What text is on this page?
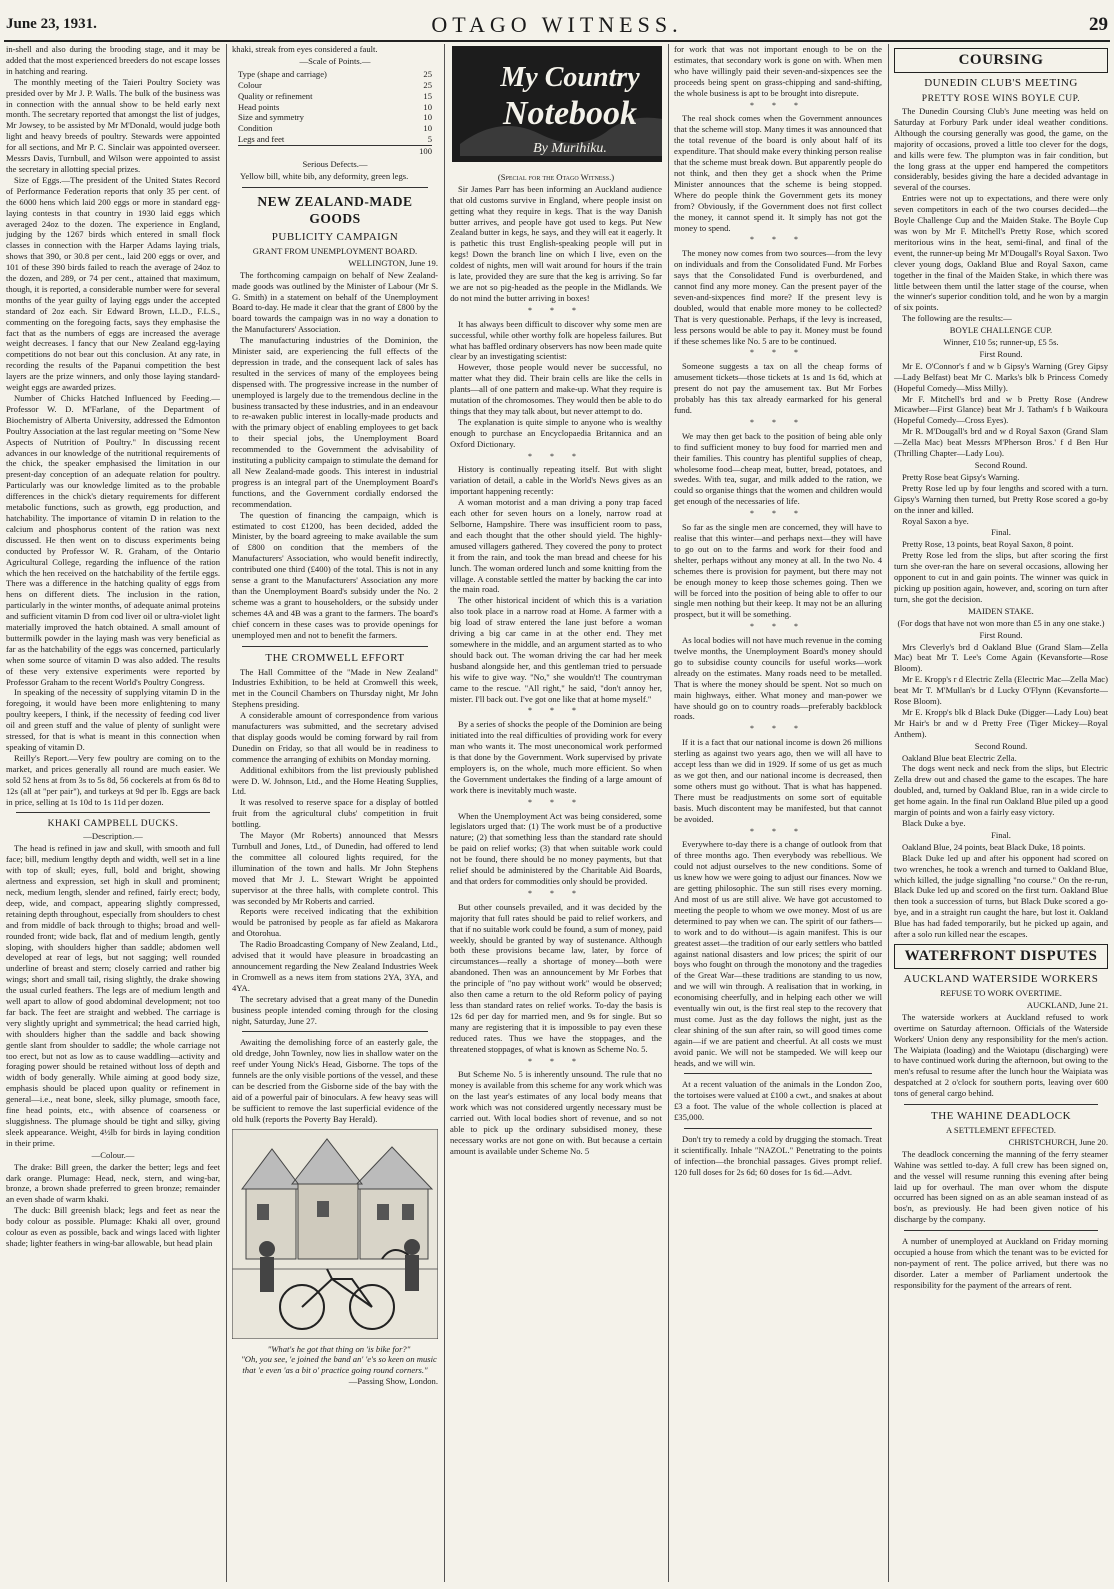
June 23, 1931.	OTAGO WITNESS.	29

in-shell and also during the brooding stage, and it may be added that the most experienced breeders do not escape losses in hatching and rearing.

The monthly meeting of the Taieri Poultry Society was presided over by Mr J. P. Walls. The bulk of the business was in connection with the annual show to be held early next month. The secretary reported that amongst the list of judges, Mr Jowsey, to be assisted by Mr M'Donald, would judge both light and heavy breeds of poultry. Stewards were appointed for all sections, and Mr P. C. Sinclair was appointed overseer. Messrs Davis, Turnbull, and Wilson were appointed to assist the secretary in allotting special prizes.

Size of Eggs.—The president of the United States Record of Performance Federation reports that only 35 per cent. of the 6000 hens which laid 200 eggs or more in standard egg-laying contests in that country in 1930 laid eggs which averaged 24oz to the dozen. The experience in England, judging by the 1267 birds which entered in small flock classes in connection with the Harper Adams laying trials, shows that 390, or 30.8 per cent., laid 200 eggs or over, and 101 of these 390 birds failed to reach the average of 24oz to the dozen, and 289, or 74 per cent., attained that maximum, though, it is reported, a considerable number were for several months of the year guilty of laying eggs under the accepted standard of 2oz each. Sir Edward Brown, LL.D., F.L.S., commenting on the foregoing facts, says they emphasise the fact that as the numbers of eggs are increased the average weight decreases. I fancy that our New Zealand egg-laying competitions do not bear out this conclusion. At any rate, in recording the results of the Papanui competition the best layers are the prize winners, and only those laying standard-weight eggs are awarded prizes.

Number of Chicks Hatched Influenced by Feeding.—Professor W. D. M'Farlane, of the Department of Biochemistry of Alberta University, addressed the Edmonton Poultry Association at the last regular meeting on "Some New Aspects of Nutrition of Poultry." In discussing recent advances in our knowledge of the nutritional requirements of the chick, the speaker emphasised the limitation in our present-day conception of an adequate relation for poultry. Particularly was our knowledge limited as to the probable differences in the chick's dietary requirements for different metabolic functions, such as growth, egg production, and hatchability. The importance of vitamin D in relation to the calcium and phosphorus content of the ration was next discussed. He then went on to discuss experiments being conducted by Professor W. R. Graham, of the Ontario Agricultural College, regarding the influence of the ration which the hen received on the hatchability of the fertile eggs. There was a difference in the hatching quality of eggs from hens on different diets. The inclusion in the ration, particularly in the winter months, of adequate animal proteins and sufficient vitamin D from cod liver oil or ultra-violet light materially improved the hatch obtained. A small amount of buttermilk powder in the laying mash was very beneficial as far as the hatchability of the eggs was concerned, particularly when some source of vitamin D was also added. The results of these very extensive experiments were reported by Professor Graham to the recent World's Poultry Congress.

In speaking of the necessity of supplying vitamin D in the foregoing, it would have been more enlightening to many poultry keepers, I think, if the necessity of feeding cod liver oil and green stuff and the value of plenty of sunlight were stressed, for that is what is meant in this connection when speaking of vitamin D.

Reilly's Report.—Very few poultry are coming on to the market, and prices generally all round are much easier. We sold 52 hens at from 3s to 5s 8d, 56 cockerels at from 6s 8d to 12s (all at "per pair"), and turkeys at 9d per lb. Eggs are back in price, selling at 1s 10d to 1s 11d per dozen.

KHAKI CAMPBELL DUCKS.
—Description.—

The head is refined in jaw and skull, with smooth and full face; bill, medium lengthy depth and width, well set in a line with top of skull; eyes, full, bold and bright, showing alertness and expression, set high in skull and prominent; neck, medium length, slender and refined, fairly erect; body, deep, wide, and compact, appearing slightly compressed, retaining depth throughout, especially from shoulders to chest and from middle of back through to thighs; broad and well-rounded front; wide back, flat and of medium length, gently sloping, with shoulders higher than saddle; abdomen well developed at rear of legs, but not sagging; well rounded underline of breast and stern; closely carried and rather big wings; short and small tail, rising slightly, the drake showing the usual curled feathers. The legs are of medium length and well apart to allow of good abdominal development; not too far back. The feet are straight and webbed. The carriage is very slightly upright and symmetrical; the head carried high, with shoulders higher than the saddle and back showing gentle slant from shoulder to saddle; the whole carriage not too erect, but not as low as to cause waddling—activity and foraging power should be retained without loss of depth and width of body generally. While aiming at good body size, emphasis should be placed upon quality or refinement in general—i.e., neat bone, sleek, silky plumage, smooth face, fine head points, etc., with absence of coarseness or sluggishness. The plumage should be tight and silky, giving sleek appearance. Weight, 4½lb for birds in laying condition in their prime.

—Colour.—

The drake: Bill green, the darker the better; legs and feet dark orange. Plumage: Head, neck, stern, and wing-bar, bronze, a brown shade preferred to green bronze; remainder an even shade of warm khaki.

The duck: Bill greenish black; legs and feet as near the body colour as possible. Plumage: Khaki all over, ground colour as even as possible, back and wings laced with lighter shade; lighter feathers in wing-bar allowable, but head plain

khaki, streak from eyes considered a fault.

—Scale of Points.—
Type (shape and carriage)	25
Colour	25
Quality or refinement	15
Head points	10
Size and symmetry	10
Condition	10
Legs and feet	5
100
Serious Defects.—

Yellow bill, white bib, any deformity, green legs.

NEW ZEALAND-MADE GOODS
PUBLICITY CAMPAIGN
GRANT FROM UNEMPLOYMENT BOARD.
WELLINGTON, June 19.

The forthcoming campaign on behalf of New Zealand-made goods was outlined by the Minister of Labour (Mr S. G. Smith) in a statement on behalf of the Unemployment Board to-day. He made it clear that the grant of £800 by the board towards the campaign was in no way a donation to the Manufacturers' Association.

The manufacturing industries of the Dominion, the Minister said, are experiencing the full effects of the depression in trade, and the consequent lack of sales has resulted in the services of many of the employees being dispensed with. The progressive increase in the number of unemployed is largely due to the tremendous decline in the business transacted by these industries, and in an endeavour to re-awaken public interest in locally-made products and with the primary object of enabling employees to get back to their special jobs, the Unemployment Board recommended to the Government the advisability of instituting a publicity campaign to stimulate the demand for all New Zealand-made goods. This interest in industrial progress is an integral part of the Unemployment Board's functions, and the Government cordially endorsed the recommendation.

The question of financing the campaign, which is estimated to cost £1200, has been decided, added the Minister, by the board agreeing to make available the sum of £800 on condition that the members of the Manufacturers' Association, who would benefit indirectly, contributed one third (£400) of the total. This is not in any sense a grant to the Manufacturers' Association any more than the Unemployment Board's subsidy under the No. 2 scheme was a grant to householders, or the subsidy under schemes 4A and 4B was a grant to the farmers. The board's chief concern in these cases was to provide openings for unemployed men and not to benefit the farmers.

THE CROMWELL EFFORT

The Hall Committee of the "Made in New Zealand" Industries Exhibition, to be held at Cromwell this week, met in the Council Chambers on Thursday night, Mr John Stephens presiding.

A considerable amount of correspondence from various manufacturers was submitted, and the secretary advised that display goods would be coming forward by rail from Dunedin on Friday, so that all would be in readiness to commence the arranging of exhibits on Monday morning.

Additional exhibitors from the list previously published were D. W. Johnson, Ltd., and the Home Heating Supplies, Ltd.

It was resolved to reserve space for a display of bottled fruit from the agricultural clubs' competition in fruit bottling.

The Mayor (Mr Roberts) announced that Messrs Turnbull and Jones, Ltd., of Dunedin, had offered to lend the committee all coloured lights required, for the illumination of the town and halls. Mr John Stephens moved that Mr J. L. Stewart Wright be appointed supervisor at the three halls, with complete control. This was seconded by Mr Roberts and carried.

Reports were received indicating that the exhibition would be patronised by people as far afield as Makarora and Otorohua.

The Radio Broadcasting Company of New Zealand, Ltd., advised that it would have pleasure in broadcasting an announcement regarding the New Zealand Industries Week in Cromwell as a news item from stations 2YA, 3YA, and 4YA.

The secretary advised that a great many of the Dunedin business people intended coming through for the closing night, Saturday, June 27.

Awaiting the demolishing force of an easterly gale, the old dredge, John Townley, now lies in shallow water on the reef under Young Nick's Head, Gisborne. The tops of the funnels are the only visible portions of the vessel, and these can be descried from the Gisborne side of the bay with the aid of a powerful pair of binoculars. A few heavy seas will be sufficient to remove the last superficial evidence of the old hulk (reports the Poverty Bay Herald).

"What's he got that thing on 'is bike for?"

"Oh, you see, 'e joined the band an' 'e's so keen on music that 'e even 'as a bit o' practice going round corners."

—Passing Show, London.
My Country
Notebook
By Murihiku.
(Special for the Otago Witness.)

Sir James Parr has been informing an Auckland audience that old customs survive in England, where people insist on getting what they require in kegs. That is the way Danish butter arrives, and people have got used to kegs. Put New Zealand butter in kegs, he says, and they will eat it eagerly. It is pathetic this trust English-speaking people will put in kegs! Down the branch line on which I live, even on the coldest of nights, men will wait around for hours if the train is late, provided they are sure that the keg is arriving. So far we are not so pig-headed as the people in the Midlands. We do not mind the butter arriving in boxes!

* * *

It has always been difficult to discover why some men are successful, while other worthy folk are hopeless failures. But what has baffled ordinary observers has now been made quite clear by an investigating scientist:

However, those people would never be successful, no matter what they did. Their brain cells are like the cells in plants—all of one pattern and make-up. What they require is mutation of the chromosomes. They would then be able to do things that they may talk about, but never attempt to do.

The explanation is quite simple to anyone who is wealthy enough to purchase an Encyclopaedia Britannica and an Oxford Dictionary.

* * *

History is continually repeating itself. But with slight variation of detail, a cable in the World's News gives as an important happening recently:

A woman motorist and a man driving a pony trap faced each other for seven hours on a lonely, narrow road at Selborne, Hampshire. There was insufficient room to pass, and each thought that the other should yield. The highly-amused villagers gathered. They covered the pony to protect it from the rain, and took the man bread and cheese for his lunch. The woman ordered lunch and some knitting from the village. A constable settled the matter by backing the car into the main road.

The other historical incident of which this is a variation also took place in a narrow road at Home. A farmer with a big load of straw entered the lane just before a woman driving a big car came in at the other end. They met somewhere in the middle, and an argument started as to who should back out. The woman driving the car had her meek husband alongside her, and this gentleman tried to persuade his wife to give way. "No," she wouldn't! The countryman came to the rescue. "All right," he said, "don't annoy her, mister. I'll back out. I've got one like that at home myself."

* * *

By a series of shocks the people of the Dominion are being initiated into the real difficulties of providing work for every man who wants it. The most uneconomical work performed is that done by the Government. Work supervised by private employers is, on the whole, much more efficient. So when the Government undertakes the finding of a large amount of work there is inevitably much waste.

* * *

When the Unemployment Act was being considered, some legislators urged that: (1) The work must be of a productive nature; (2) that something less than the standard rate should be paid on relief works; (3) that when suitable work could not be found, there should be no money payments, but that relief should be administered by the Charitable Aid Boards, and that orders for commodities only should be provided.

* * *

But other counsels prevailed, and it was decided by the majority that full rates should be paid to relief workers, and that if no suitable work could be found, a sum of money, paid weekly, should be granted by way of sustenance. Although both these provisions became law, later, by force of circumstances—really a shortage of money—both were abandoned. Then was an announcement by Mr Forbes that the principle of "no pay without work" would be observed; also then came a return to the old Reform policy of paying less than standard rates on relief works. To-day the basis is 12s 6d per day for married men, and 9s for single. But so many are registering that it is impossible to pay even these reduced rates. Thus we have the stoppages, and the threatened stoppages, of what is known as Scheme No. 5.

* * *

But Scheme No. 5 is inherently unsound. The rule that no money is available from this scheme for any work which was on the last year's estimates of any local body means that work which was not considered urgently necessary must be carried out. With local bodies short of revenue, and so not able to pick up the ordinary subsidised money, these necessary works are not gone on with. But because a certain amount is available under Scheme No. 5

for work that was not important enough to be on the estimates, that secondary work is gone on with. When men who have willingly paid their seven-and-sixpences see the proceeds being spent on grass-chipping and sand-shifting, the whole business is apt to be brought into disrepute.

* * *

The real shock comes when the Government announces that the scheme will stop. Many times it was announced that the total revenue of the board is only about half of its expenditure. That should make every thinking person realise that the scheme must break down. But apparently people do not think, and then they get a shock when the Prime Minister announces that the scheme is being stopped. Where do people think the Government gets its money from? Obviously, if the Government does not first collect the money, it cannot spend it. It simply has not got the money to spend.

* * *

The money now comes from two sources—from the levy on individuals and from the Consolidated Fund. Mr Forbes says that the Consolidated Fund is overburdened, and cannot find any more money. Can the present payer of the seven-and-sixpences find more? If the present levy is doubled, would that enable more money to be collected? That is very questionable. Perhaps, if the levy is increased, less persons would be able to pay it. Money must be found if these schemes like No. 5 are to be continued.

* * *

Someone suggests a tax on all the cheap forms of amusement tickets—those tickets at 1s and 1s 6d, which at present do not pay the amusement tax. But Mr Forbes probably has this tax already earmarked for his general fund.

* * *

We may then get back to the position of being able only to find sufficient money to buy food for married men and their families. This country has plentiful supplies of cheap, wholesome food—cheap meat, butter, bread, potatoes, and swedes. With tea, sugar, and milk added to the ration, we could so organise things that the women and children would get enough of the necessaries of life.

* * *

So far as the single men are concerned, they will have to realise that this winter—and perhaps next—they will have to go out on to the farms and work for their food and shelter, perhaps without any money at all. In the two No. 4 schemes there is provision for payment, but there may not be enough money to keep those schemes going. Then we will be forced into the position of being able to offer to our single men nothing but their keep. It may not be an alluring prospect, but it will be something.

* * *

As local bodies will not have much revenue in the coming twelve months, the Unemployment Board's money should go to subsidise county councils for useful works—work already on the estimates. Many roads need to be metalled. That is where the money should be spent. Not so much on main highways, either. What money and man-power we have should go on to country roads—preferably backblock roads.

* * *

If it is a fact that our national income is down 26 millions sterling as against two years ago, then we will all have to accept less than we did in 1929. If some of us get as much as we got then, and our national income is decreased, then some others must go without. That is what has happened. There must be readjustments on some sort of equitable basis. Much discontent may be manifested, but that cannot be avoided.

* * *

Everywhere to-day there is a change of outlook from that of three months ago. Then everybody was rebellious. We could not adjust ourselves to the new conditions. Some of us knew how we were going to adjust our finances. Now we are getting philosophic. The sun still rises every morning. And most of us are still alive. We have got accustomed to meeting the people to whom we owe money. Most of us are determined to pay when we can. The spirit of our fathers—to work and to do without—is again manifest. This is our greatest asset—the tradition of our early settlers who battled against national disasters and low prices; the spirit of our boys who fought on through the monotony and the tragedies of the Great War—these traditions are standing to us now, and we will win through. A realisation that in working, in economising cheerfully, and in helping each other we will eventually win out, is the first real step to the recovery that must come. Just as the day follows the night, just as the clear shining of the sun after rain, so will good times come again—if we are patient and cheerful. At all costs we must avoid panic. We will not be stampeded. We will keep our heads, and we will win.

At a recent valuation of the animals in the London Zoo, the tortoises were valued at £100 a cwt., and snakes at about £3 a foot. The value of the whole collection is placed at £35,000.

Don't try to remedy a cold by drugging the stomach. Treat it scientifically. Inhale "NAZOL." Penetrating to the points of infection—the bronchial passages. Gives prompt relief. 120 full doses for 2s 6d; 60 doses for 1s 6d.—Advt.

COURSING
DUNEDIN CLUB'S MEETING
PRETTY ROSE WINS BOYLE CUP.

The Dunedin Coursing Club's June meeting was held on Saturday at Forbury Park under ideal weather conditions. Although the coursing generally was good, the game, on the majority of occasions, proved a little too clever for the dogs, and kills were few. The plumpton was in fair condition, but the long grass at the upper end hampered the competitors considerably, besides giving the hare a decided advantage in several of the courses.

Entries were not up to expectations, and there were only seven competitors in each of the two courses decided—the Boyle Challenge Cup and the Maiden Stake. The Boyle Cup was won by Mr F. Mitchell's Pretty Rose, which scored meritorious wins in the heat, semi-final, and final of the event, the runner-up being Mr M'Dougall's Royal Saxon. Two clever young dogs, Oakland Blue and Royal Saxon, came together in the final of the Maiden Stake, in which there was little between them until the latter stage of the course, when the winner's superior condition told, and he won by a margin of six points.

The following are the results:—

BOYLE CHALLENGE CUP.
Winner, £10 5s; runner-up, £5 5s.
First Round.

Mr E. O'Connor's f and w b Gipsy's Warning (Grey Gipsy—Lady Belfast) beat Mr C. Marks's blk b Princess Comedy (Hopeful Comedy—Miss Milly).

Mr F. Mitchell's brd and w b Pretty Rose (Andrew Micawber—First Glance) beat Mr J. Tatham's f b Waikoura (Hopeful Comedy—Cross Eyes).

Mr R. M'Dougall's brd and w d Royal Saxon (Grand Slam—Zella Mac) beat Messrs M'Pherson Bros.' f d Ben Hur (Thrilling Chapter—Lady Lou).

Second Round.

Pretty Rose beat Gipsy's Warning.

Pretty Rose led up by four lengths and scored with a turn. Gipsy's Warning then turned, but Pretty Rose scored a go-by on the inner and killed.

Royal Saxon a bye.

Final.

Pretty Rose, 13 points, beat Royal Saxon, 8 point.

Pretty Rose led from the slips, but after scoring the first turn she over-ran the hare on several occasions, allowing her opponent to cut in and gain points. The winner was quick in picking up position again, however, and, scoring on turn after turn, she got the decision.

MAIDEN STAKE.
(For dogs that have not won more than £5 in any one stake.)
First Round.

Mrs Cleverly's brd d Oakland Blue (Grand Slam—Zella Mac) beat Mr T. Lee's Come Again (Kevansforte—Rose Bloom).

Mr E. Kropp's r d Electric Zella (Electric Mac—Zella Mac) beat Mr T. M'Mullan's br d Lucky O'Flynn (Kevansforte—Rose Bloom).

Mr E. Kropp's blk d Black Duke (Digger—Lady Lou) beat Mr Hair's br and w d Pretty Free (Tiger Mickey—Royal Anthem).

Second Round.

Oakland Blue beat Electric Zella.

The dogs went neck and neck from the slips, but Electric Zella drew out and chased the game to the escapes. The hare doubled, and, turned by Oakland Blue, ran in a wide circle to get home again. In the final run Oakland Blue piled up a good margin of points and won a fairly easy victory.

Black Duke a bye.

Final.

Oakland Blue, 24 points, beat Black Duke, 18 points.

Black Duke led up and after his opponent had scored on two wrenches, he took a wrench and turned to Oakland Blue, which killed, the judge signalling "no course." On the re-run, Black Duke led up and scored on the first turn. Oakland Blue then took a succession of turns, but Black Duke scored a go-bye, and in a straight run caught the hare, but lost it. Oakland Blue has had faded temporarily, but he picked up again, and after a solo run killed near the escapes.

WATERFRONT DISPUTES
AUCKLAND WATERSIDE WORKERS
REFUSE TO WORK OVERTIME.
AUCKLAND, June 21.

The waterside workers at Auckland refused to work overtime on Saturday afternoon. Officials of the Waterside Workers' Union deny any responsibility for the men's action. The Waipiata (loading) and the Waiotapu (discharging) were to have continued work during the afternoon, but owing to the men's refusal to resume after the lunch hour the Waipiata was despatched at 2 o'clock for southern ports, leaving over 600 tons of general cargo behind.

THE WAHINE DEADLOCK
A SETTLEMENT EFFECTED.
CHRISTCHURCH, June 20.

The deadlock concerning the manning of the ferry steamer Wahine was settled to-day. A full crew has been signed on, and the vessel will resume running this evening after being laid up for overhaul. The man over whom the dispute occurred has been signed on as an able seaman instead of as bos'n, as previously. He had been given notice of his discharge by the company.

A number of unemployed at Auckland on Friday morning occupied a house from which the tenant was to be evicted for non-payment of rent. The police arrived, but there was no disorder. Later a member of Parliament undertook the responsibility for the payment of the arrears of rent.
